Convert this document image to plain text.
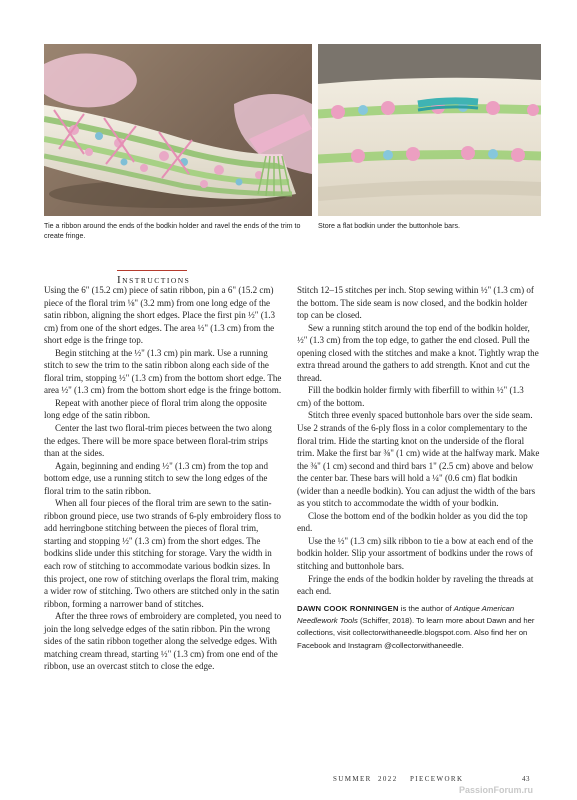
Tie a ribbon around the ends of the bodkin holder and ravel the ends of the trim to create fringe.
Store a flat bodkin under the buttonhole bars.
INSTRUCTIONS

Using the 6" (15.2 cm) piece of satin ribbon, pin a 6" (15.2 cm) piece of the floral trim ⅛" (3.2 mm) from one long edge of the satin ribbon, aligning the short edges. Place the first pin ½" (1.3 cm) from one of the short edges. The area ½" (1.3 cm) from the short edge is the fringe top.

Begin stitching at the ½" (1.3 cm) pin mark. Use a running stitch to sew the trim to the satin ribbon along each side of the floral trim, stopping ½" (1.3 cm) from the bottom short edge. The area ½" (1.3 cm) from the bottom short edge is the fringe bottom.

Repeat with another piece of floral trim along the opposite long edge of the satin ribbon.

Center the last two floral-trim pieces between the two along the edges. There will be more space between floral-trim strips than at the sides.

Again, beginning and ending ½" (1.3 cm) from the top and bottom edge, use a running stitch to sew the long edges of the floral trim to the satin ribbon.

When all four pieces of the floral trim are sewn to the satin-ribbon ground piece, use two strands of 6-ply embroidery floss to add herringbone stitching between the pieces of floral trim, starting and stopping ½" (1.3 cm) from the short edges. The bodkins slide under this stitching for storage. Vary the width in each row of stitching to accommodate various bodkin sizes. In this project, one row of stitching overlaps the floral trim, making a wider row of stitching. Two others are stitched only in the satin ribbon, forming a narrower band of stitches.

After the three rows of embroidery are completed, you need to join the long selvedge edges of the satin ribbon. Pin the wrong sides of the satin ribbon together along the selvedge edges. With matching cream thread, starting ½" (1.3 cm) from one end of the ribbon, use an overcast stitch to close the edge.

Stitch 12–15 stitches per inch. Stop sewing within ½" (1.3 cm) of the bottom. The side seam is now closed, and the bodkin holder top can be closed.

Sew a running stitch around the top end of the bodkin holder, ½" (1.3 cm) from the top edge, to gather the end closed. Pull the opening closed with the stitches and make a knot. Tightly wrap the extra thread around the gathers to add strength. Knot and cut the thread.

Fill the bodkin holder firmly with fiberfill to within ½" (1.3 cm) of the bottom.

Stitch three evenly spaced buttonhole bars over the side seam. Use 2 strands of the 6-ply floss in a color complementary to the floral trim. Hide the starting knot on the underside of the floral trim. Make the first bar ⅜" (1 cm) wide at the halfway mark. Make the ⅜" (1 cm) second and third bars 1" (2.5 cm) above and below the center bar. These bars will hold a ¼" (0.6 cm) flat bodkin (wider than a needle bodkin). You can adjust the width of the bars as you stitch to accommodate the width of your bodkin.

Close the bottom end of the bodkin holder as you did the top end.

Use the ½" (1.3 cm) silk ribbon to tie a bow at each end of the bodkin holder. Slip your assortment of bodkins under the rows of stitching and buttonhole bars.

Fringe the ends of the bodkin holder by raveling the threads at each end.

DAWN COOK RONNINGEN is the author of Antique American Needlework Tools (Schiffer, 2018). To learn more about Dawn and her collections, visit collectorwithaneedle.blogspot.com. Also find her on Facebook and Instagram @collectorwithaneedle.

SUMMER 2022 PIECEWORK	43
PassionForum.ru
